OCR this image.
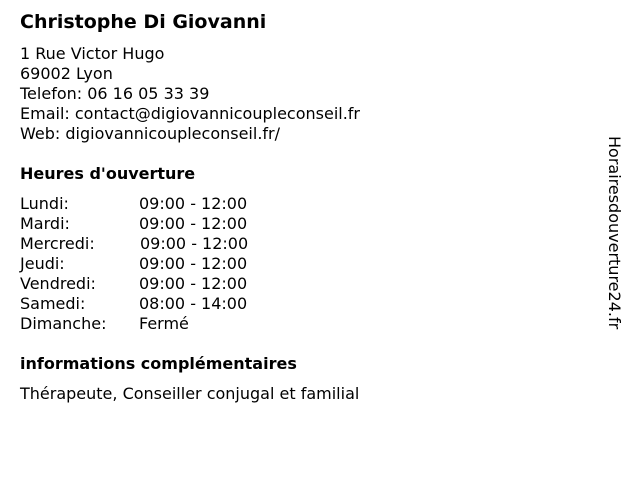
Christophe Di Giovanni
1 Rue Victor Hugo
69002 Lyon
Telefon: 06 16 05 33 39
Email: contact@digiovannicoupleconseil.fr
Web: digiovannicoupleconseil.fr/
Heures d'ouverture
Lundi:	09:00 - 12:00
Mardi:	09:00 - 12:00
Mercredi:	09:00 - 12:00
Jeudi:	09:00 - 12:00
Vendredi:	09:00 - 12:00
Samedi:	08:00 - 14:00
Dimanche: Fermé
informations complémentaires
Thérapeute, Conseiller conjugal et familial
Horairesdouverture24.fr
